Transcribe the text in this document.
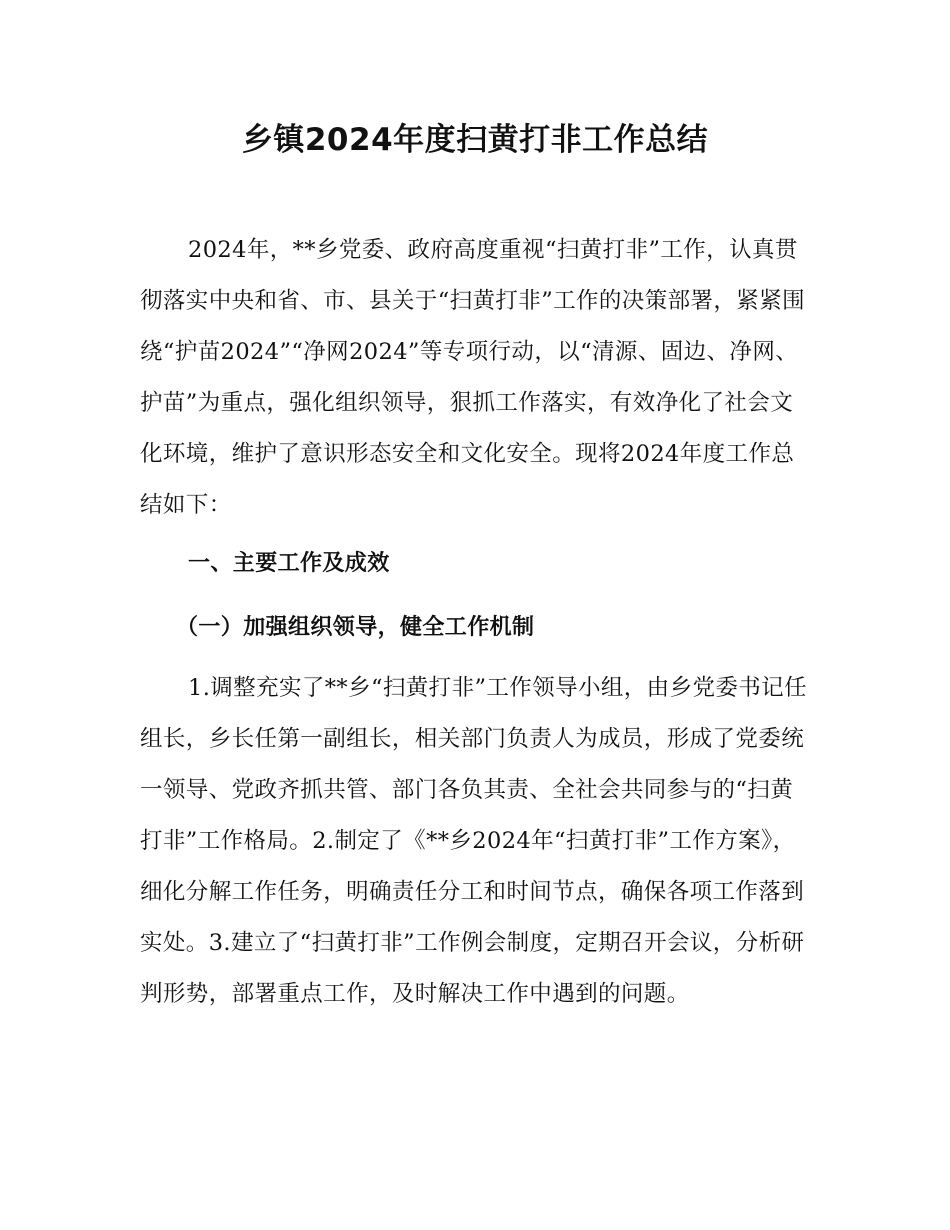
乡镇2024年度扫黄打非工作总结

2024年，**乡党委、政府高度重视“扫黄打非”工作，认真贯彻落实中央和省、市、县关于“扫黄打非”工作的决策部署，紧紧围绕“护苗2024”“净网2024”等专项行动，以“清源、固边、净网、护苗”为重点，强化组织领导，狠抓工作落实，有效净化了社会文化环境，维护了意识形态安全和文化安全。现将2024年度工作总结如下：

一、主要工作及成效

（一）加强组织领导，健全工作机制

1.调整充实了**乡“扫黄打非”工作领导小组，由乡党委书记任组长，乡长任第一副组长，相关部门负责人为成员，形成了党委统一领导、党政齐抓共管、部门各负其责、全社会共同参与的“扫黄打非”工作格局。2.制定了《**乡2024年“扫黄打非”工作方案》，细化分解工作任务，明确责任分工和时间节点，确保各项工作落到实处。3.建立了“扫黄打非”工作例会制度，定期召开会议，分析研判形势，部署重点工作，及时解决工作中遇到的问题。
